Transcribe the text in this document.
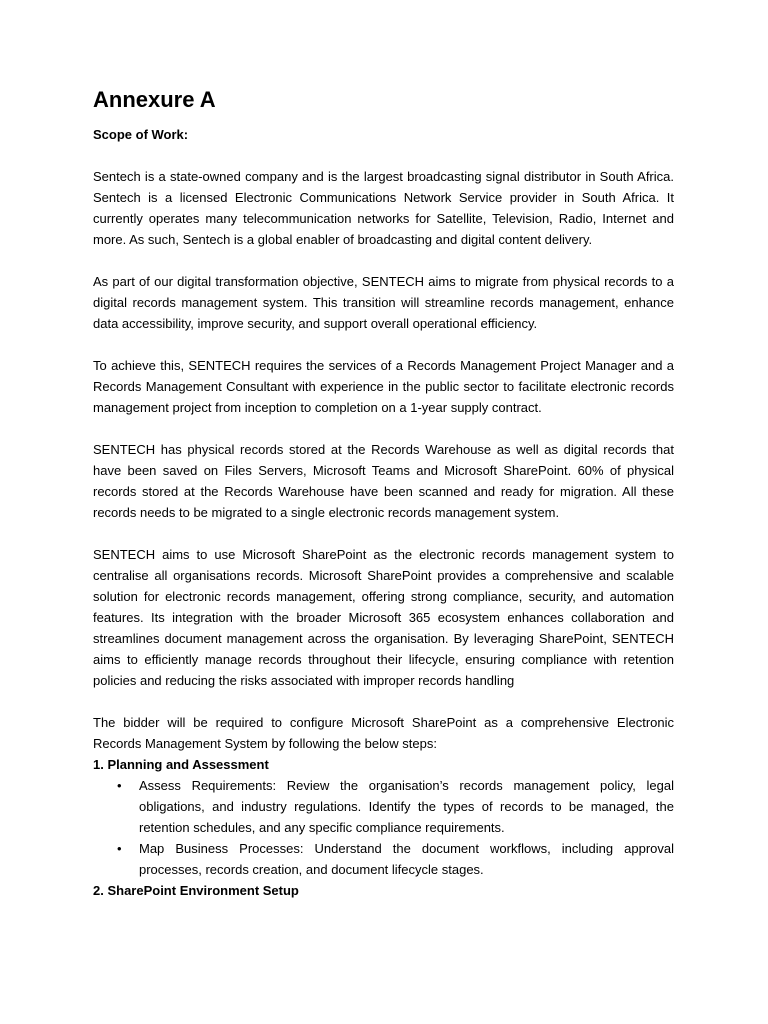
Annexure A

Scope of Work:

Sentech is a state-owned company and is the largest broadcasting signal distributor in South Africa. Sentech is a licensed Electronic Communications Network Service provider in South Africa. It currently operates many telecommunication networks for Satellite, Television, Radio, Internet and more. As such, Sentech is a global enabler of broadcasting and digital content delivery.

As part of our digital transformation objective, SENTECH aims to migrate from physical records to a digital records management system. This transition will streamline records management, enhance data accessibility, improve security, and support overall operational efficiency.

To achieve this, SENTECH requires the services of a Records Management Project Manager and a Records Management Consultant with experience in the public sector to facilitate electronic records management project from inception to completion on a 1-year supply contract.

SENTECH has physical records stored at the Records Warehouse as well as digital records that have been saved on Files Servers, Microsoft Teams and Microsoft SharePoint. 60% of physical records stored at the Records Warehouse have been scanned and ready for migration. All these records needs to be migrated to a single electronic records management system.

SENTECH aims to use Microsoft SharePoint as the electronic records management system to centralise all organisations records. Microsoft SharePoint provides a comprehensive and scalable solution for electronic records management, offering strong compliance, security, and automation features. Its integration with the broader Microsoft 365 ecosystem enhances collaboration and streamlines document management across the organisation. By leveraging SharePoint, SENTECH aims to efficiently manage records throughout their lifecycle, ensuring compliance with retention policies and reducing the risks associated with improper records handling

The bidder will be required to configure Microsoft SharePoint as a comprehensive Electronic Records Management System by following the below steps:

1. Planning and Assessment

• Assess Requirements: Review the organisation’s records management policy, legal obligations, and industry regulations. Identify the types of records to be managed, the retention schedules, and any specific compliance requirements.
• Map Business Processes: Understand the document workflows, including approval processes, records creation, and document lifecycle stages.

2. SharePoint Environment Setup
